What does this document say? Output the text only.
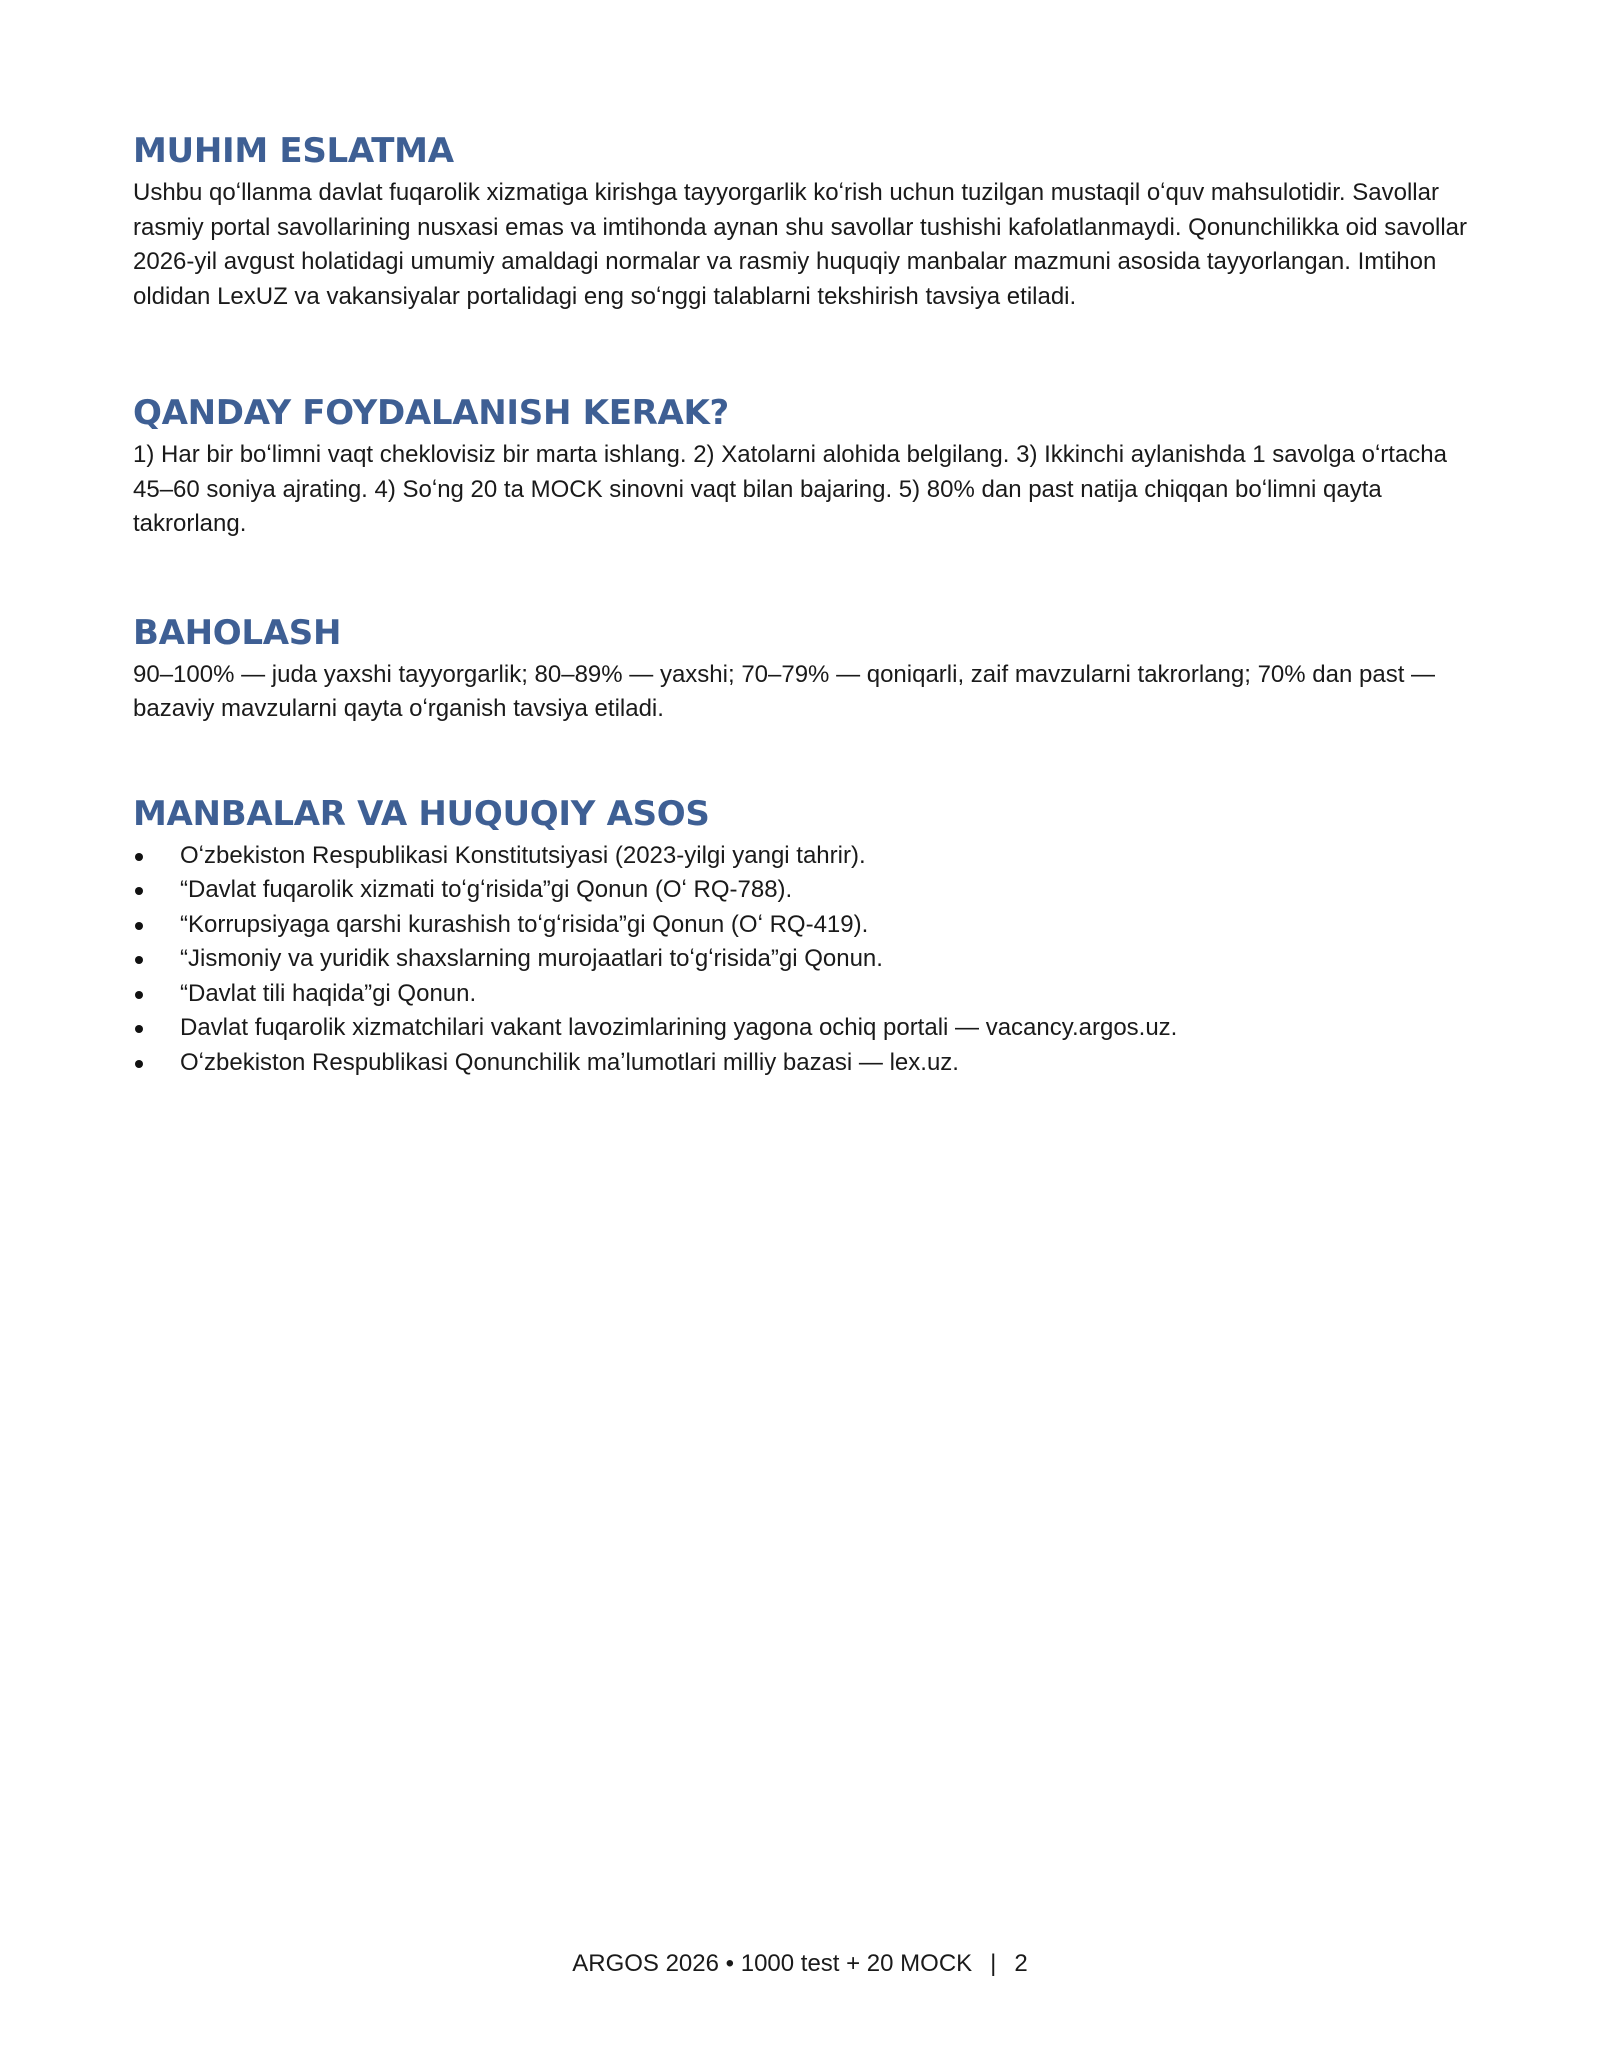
MUHIM ESLATMA

Ushbu qoʻllanma davlat fuqarolik xizmatiga kirishga tayyorgarlik koʻrish uchun tuzilgan mustaqil oʻquv mahsulotidir. Savollar rasmiy portal savollarining nusxasi emas va imtihonda aynan shu savollar tushishi kafolatlanmaydi. Qonunchilikka oid savollar 2026-yil avgust holatidagi umumiy amaldagi normalar va rasmiy huquqiy manbalar mazmuni asosida tayyorlangan. Imtihon oldidan LexUZ va vakansiyalar portalidagi eng soʻnggi talablarni tekshirish tavsiya etiladi.

QANDAY FOYDALANISH KERAK?

1) Har bir boʻlimni vaqt cheklovisiz bir marta ishlang. 2) Xatolarni alohida belgilang. 3) Ikkinchi aylanishda 1 savolga oʻrtacha 45–60 soniya ajrating. 4) Soʻng 20 ta MOCK sinovni vaqt bilan bajaring. 5) 80% dan past natija chiqqan boʻlimni qayta takrorlang.

BAHOLASH

90–100% — juda yaxshi tayyorgarlik; 80–89% — yaxshi; 70–79% — qoniqarli, zaif mavzularni takrorlang; 70% dan past — bazaviy mavzularni qayta oʻrganish tavsiya etiladi.

MANBALAR VA HUQUQIY ASOS
Oʻzbekiston Respublikasi Konstitutsiyasi (2023-yilgi yangi tahrir).
“Davlat fuqarolik xizmati toʻgʻrisida”gi Qonun (Oʻ RQ-788).
“Korrupsiyaga qarshi kurashish toʻgʻrisida”gi Qonun (Oʻ RQ-419).
“Jismoniy va yuridik shaxslarning murojaatlari toʻgʻrisida”gi Qonun.
“Davlat tili haqida”gi Qonun.
Davlat fuqarolik xizmatchilari vakant lavozimlarining yagona ochiq portali — vacancy.argos.uz.
Oʻzbekiston Respublikasi Qonunchilik maʼlumotlari milliy bazasi — lex.uz.
ARGOS 2026 • 1000 test + 20 MOCK | 2
